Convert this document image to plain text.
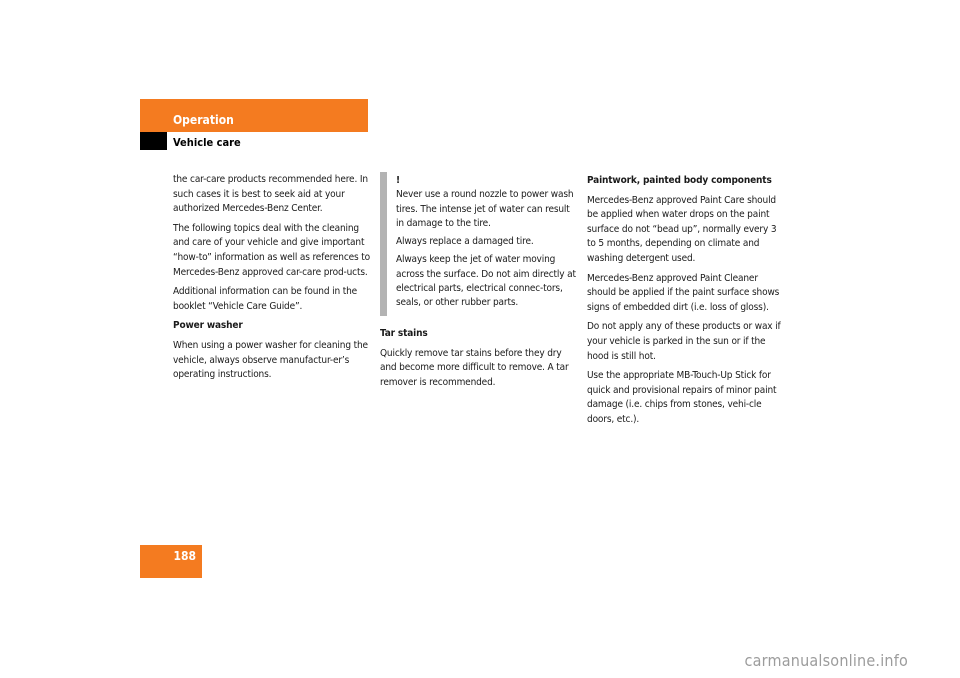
Operation
Vehicle care

the car-care products recommended here. In such cases it is best to seek aid at your authorized Mercedes-Benz Center.

The following topics deal with the cleaning and care of your vehicle and give important “how-to” information as well as references to Mercedes-Benz approved car-care prod-ucts.

Additional information can be found in the booklet “Vehicle Care Guide”.

Power washer

When using a power washer for cleaning the vehicle, always observe manufactur-er’s operating instructions.

!

Never use a round nozzle to power wash tires. The intense jet of water can result in damage to the tire.

Always replace a damaged tire.

Always keep the jet of water moving across the surface. Do not aim directly at electrical parts, electrical connec-tors, seals, or other rubber parts.

Tar stains

Quickly remove tar stains before they dry and become more difficult to remove. A tar remover is recommended.

Paintwork, painted body components

Mercedes-Benz approved Paint Care should be applied when water drops on the paint surface do not “bead up”, normally every 3 to 5 months, depending on climate and washing detergent used.

Mercedes-Benz approved Paint Cleaner should be applied if the paint surface shows signs of embedded dirt (i.e. loss of gloss).

Do not apply any of these products or wax if your vehicle is parked in the sun or if the hood is still hot.

Use the appropriate MB-Touch-Up Stick for quick and provisional repairs of minor paint damage (i.e. chips from stones, vehi-cle doors, etc.).

188
carmanualsonline.info
